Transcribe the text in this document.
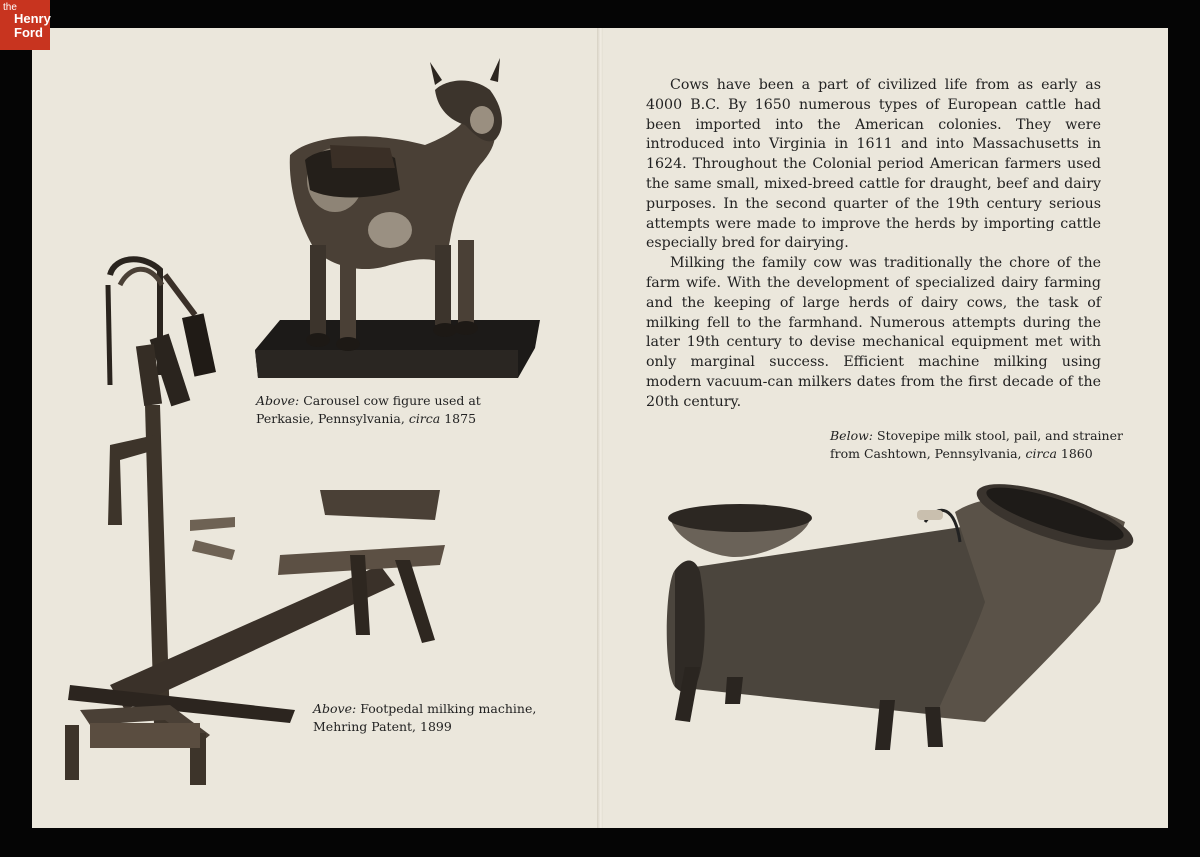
the
Henry
Ford
Above: Carousel cow figure used at
Perkasie, Pennsylvania, circa 1875
Above: Footpedal milking machine,
Mehring Patent, 1899

Cows have been a part of civilized life from as early as 4000 B.C. By 1650 numerous types of European cattle had been imported into the American colonies. They were introduced into Virginia in 1611 and into Massachusetts in 1624. Throughout the Colonial period American farmers used the same small, mixed-breed cattle for draught, beef and dairy purposes. In the second quarter of the 19th century serious attempts were made to improve the herds by importing cattle especially bred for dairying.

Milking the family cow was traditionally the chore of the farm wife. With the development of specialized dairy farming and the keeping of large herds of dairy cows, the task of milking fell to the farmhand. Numerous attempts during the later 19th century to devise mechanical equipment met with only marginal success. Efficient machine milking using modern vacuum-can milkers dates from the first decade of the 20th century.

Below: Stovepipe milk stool, pail, and strainer
from Cashtown, Pennsylvania, circa 1860
